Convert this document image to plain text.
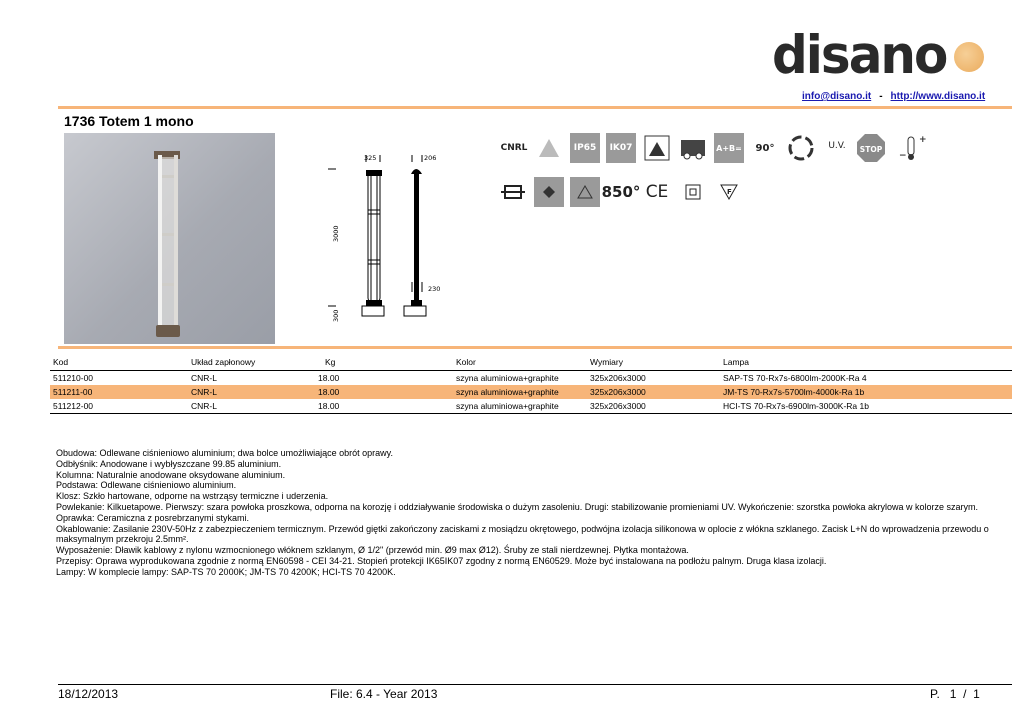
disano
info@disano.it - http://www.disano.it
1736 Totem 1 mono
325	206
3000
230
300
CNRL	IP65	IK07	A+B=	90°	U.V.	STOP
+
−
850° CE	F
Kod	Układ zapłonowy	Kg	Kolor	Wymiary	Lampa
511210-00	CNR-L	18.00	szyna aluminiowa+graphite	325x206x3000	SAP-TS 70-Rx7s-6800lm-2000K-Ra 4
511211-00	CNR-L	18.00	szyna aluminiowa+graphite	325x206x3000	JM-TS 70-Rx7s-5700lm-4000k-Ra 1b
511212-00	CNR-L	18.00	szyna aluminiowa+graphite	325x206x3000	HCI-TS 70-Rx7s-6900lm-3000K-Ra 1b

Obudowa: Odlewane ciśnieniowo aluminium; dwa bolce umożliwiające obrót oprawy.

Odbłyśnik: Anodowane i wybłyszczane 99.85 aluminium.

Kolumna: Naturalnie anodowane oksydowane aluminium.

Podstawa: Odlewane ciśnieniowo aluminium.

Klosz: Szkło hartowane, odporne na wstrząsy termiczne i uderzenia.

Powlekanie: Kilkuetapowe. Pierwszy: szara powłoka proszkowa, odporna na korozję i oddziaływanie środowiska o dużym zasoleniu. Drugi: stabilizowanie promieniami UV. Wykończenie: szorstka powłoka akrylowa w kolorze szarym.

Oprawka: Ceramiczna z posrebrzanymi stykami.

Okablowanie: Zasilanie 230V-50Hz z zabezpieczeniem termicznym. Przewód giętki zakończony zaciskami z mosiądzu okrętowego, podwójna izolacja silikonowa w oplocie z włókna szklanego. Zacisk L+N do wprowadzenia przewodu o maksymalnym przekroju 2.5mm².

Wyposażenie: Dławik kablowy z nylonu wzmocnionego włóknem szklanym, Ø 1/2" (przewód min. Ø9 max Ø12). Śruby ze stali nierdzewnej. Płytka montażowa.

Przepisy: Oprawa wyprodukowana zgodnie z normą EN60598 - CEI 34-21. Stopień protekcji IK65IK07 zgodny z normą EN60529. Może być instalowana na podłożu palnym. Druga klasa izolacji.

Lampy: W komplecie lampy: SAP-TS 70 2000K; JM-TS 70 4200K; HCI-TS 70 4200K.

18/12/2013	File: 6.4 - Year 2013	P.   1  /  1
